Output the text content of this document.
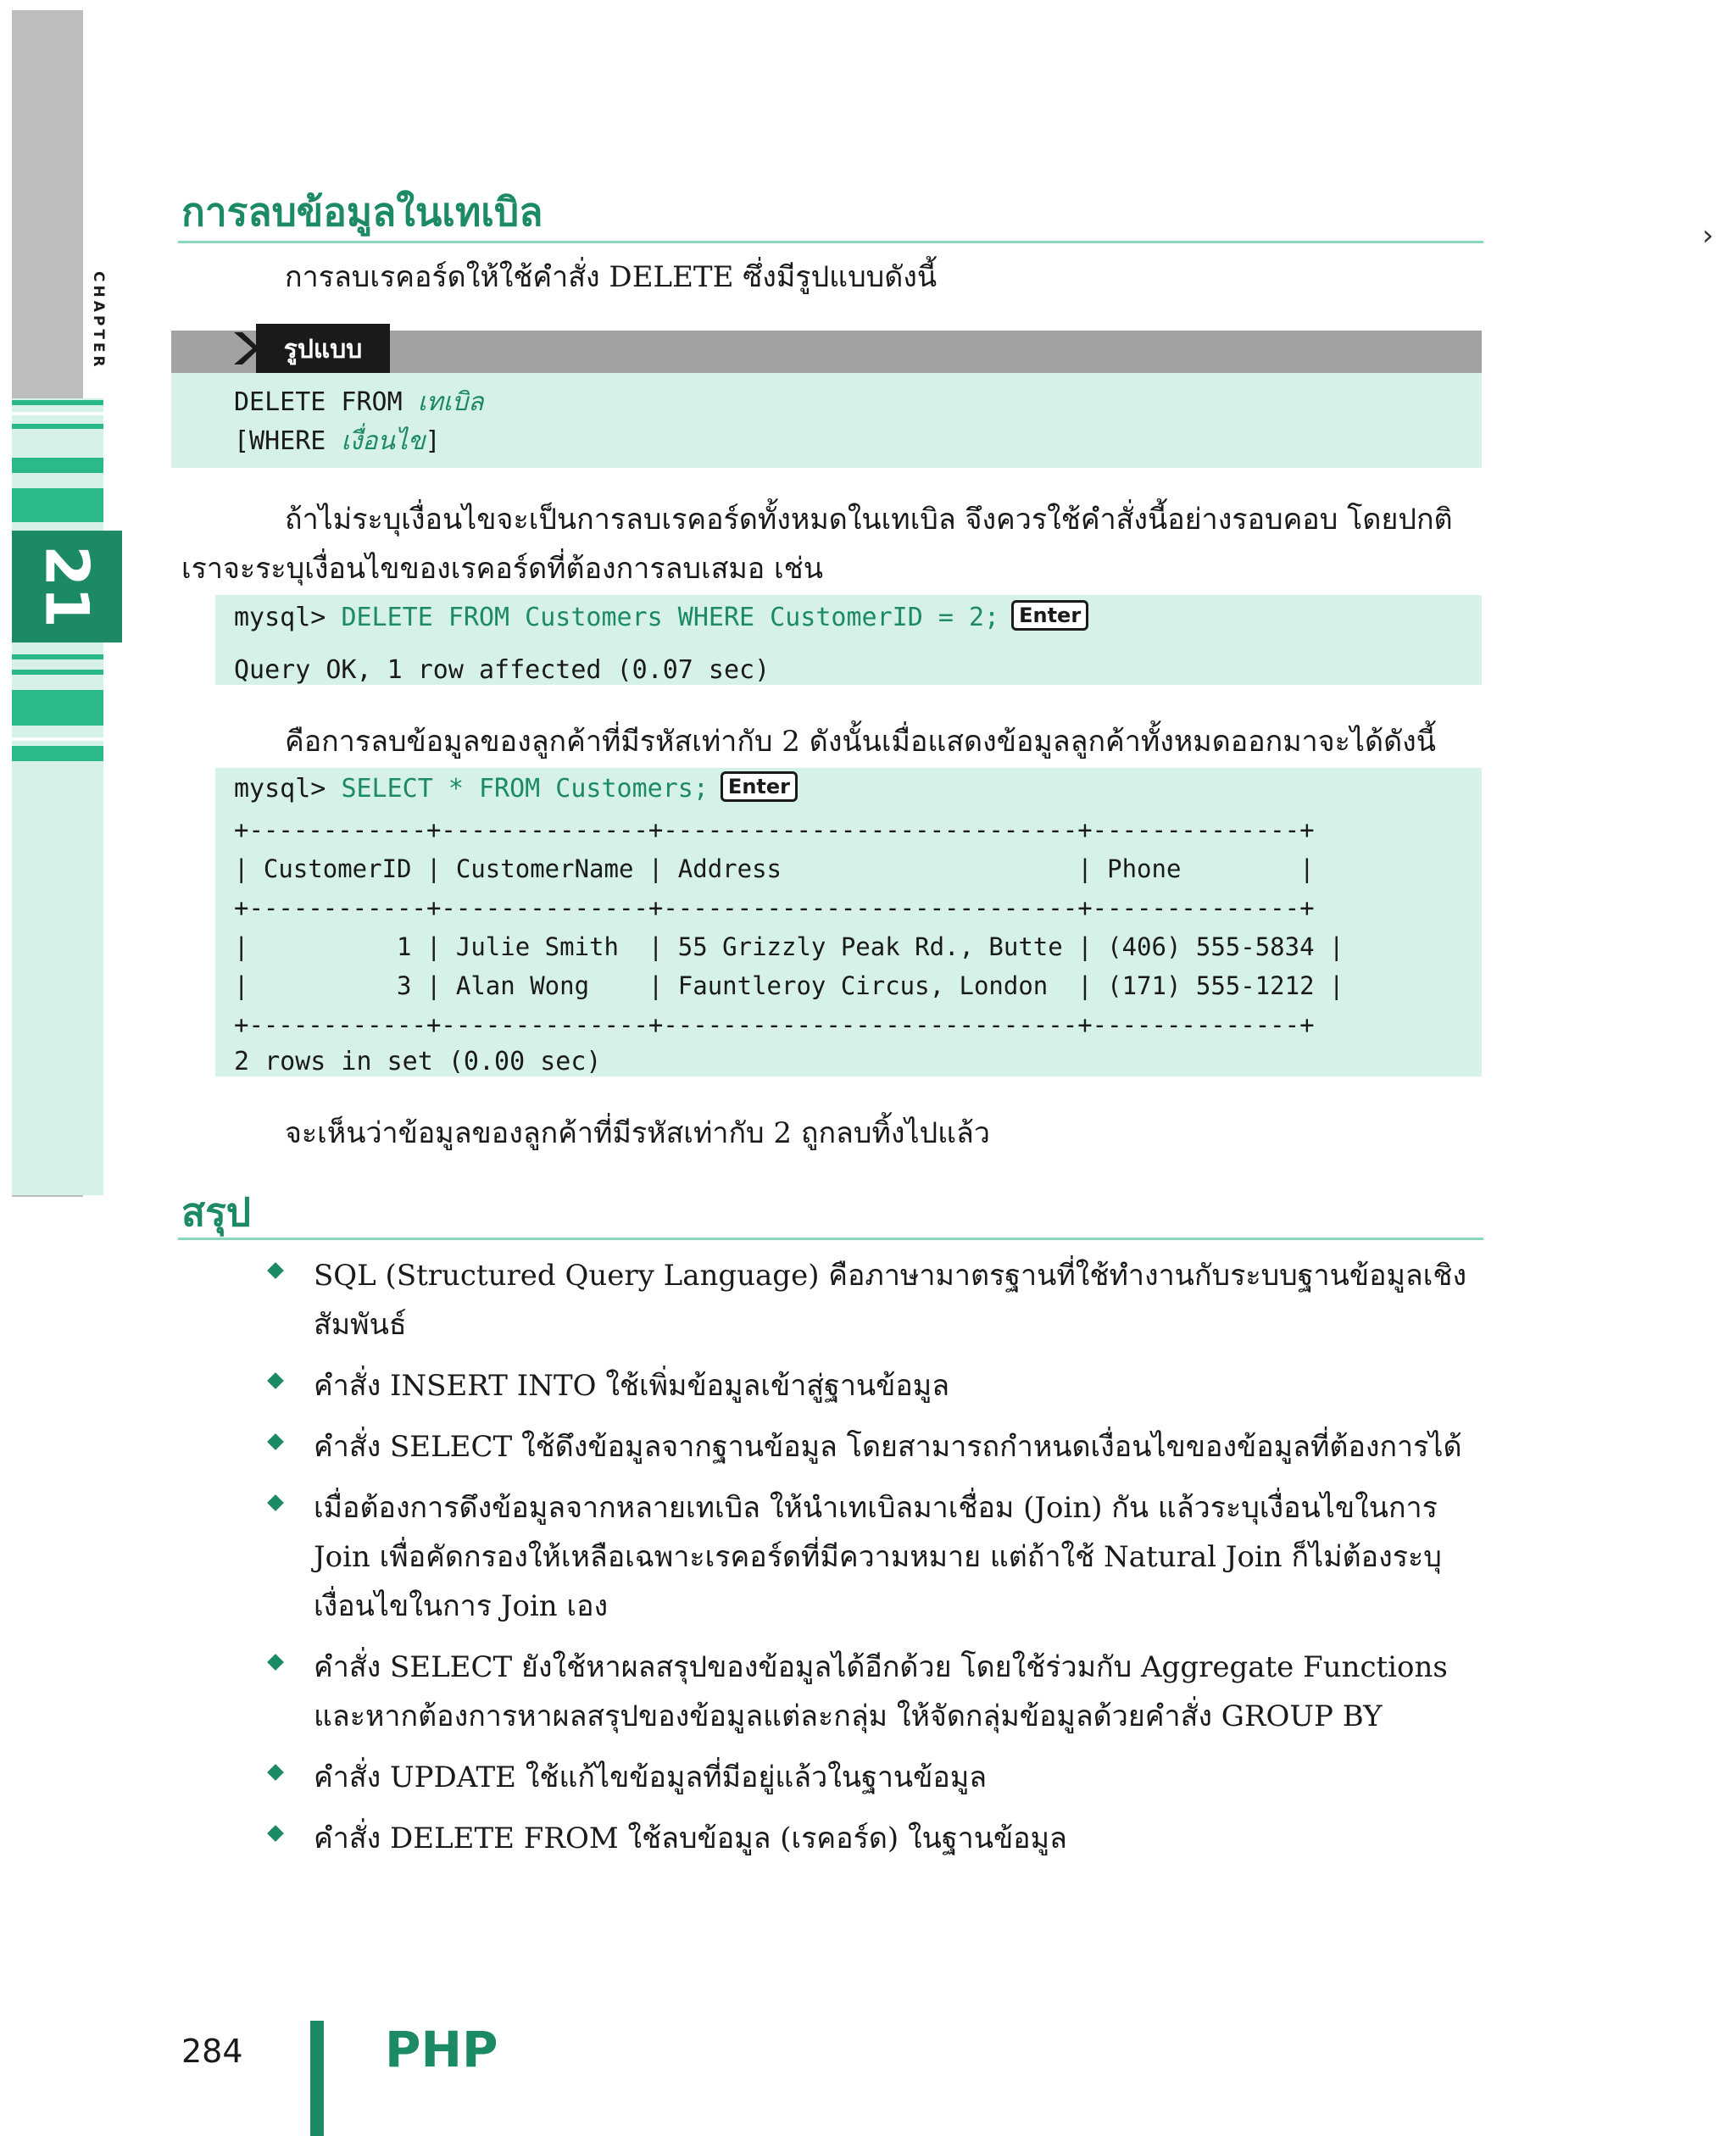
CHAPTER
21
›
การลบข้อมูลในเทเบิล
การลบเรคอร์ดให้ใช้คำสั่ง DELETE ซึ่งมีรูปแบบดังนี้
รูปแบบ
DELETE FROM เทเบิล
[WHERE เงื่อนไข]
ถ้าไม่ระบุเงื่อนไขจะเป็นการลบเรคอร์ดทั้งหมดในเทเบิล จึงควรใช้คำสั่งนี้อย่างรอบคอบ โดยปกติเราจะระบุเงื่อนไขของเรคอร์ดที่ต้องการลบเสมอ เช่น
mysql> DELETE FROM Customers WHERE CustomerID = 2; Enter
Query OK, 1 row affected (0.07 sec)
คือการลบข้อมูลของลูกค้าที่มีรหัสเท่ากับ 2 ดังนั้นเมื่อแสดงข้อมูลลูกค้าทั้งหมดออกมาจะได้ดังนี้
mysql> SELECT * FROM Customers; Enter
+------------+--------------+----------------------------+--------------+
| CustomerID | CustomerName | Address                    | Phone        |
+------------+--------------+----------------------------+--------------+
|          1 | Julie Smith  | 55 Grizzly Peak Rd., Butte | (406) 555-5834 |
|          3 | Alan Wong    | Fauntleroy Circus, London  | (171) 555-1212 |
+------------+--------------+----------------------------+--------------+
2 rows in set (0.00 sec)
จะเห็นว่าข้อมูลของลูกค้าที่มีรหัสเท่ากับ 2 ถูกลบทิ้งไปแล้ว
สรุป
SQL (Structured Query Language) คือภาษามาตรฐานที่ใช้ทำงานกับระบบฐานข้อมูลเชิงสัมพันธ์
คำสั่ง INSERT INTO ใช้เพิ่มข้อมูลเข้าสู่ฐานข้อมูล
คำสั่ง SELECT ใช้ดึงข้อมูลจากฐานข้อมูล โดยสามารถกำหนดเงื่อนไขของข้อมูลที่ต้องการได้
เมื่อต้องการดึงข้อมูลจากหลายเทเบิล ให้นำเทเบิลมาเชื่อม (Join) กัน แล้วระบุเงื่อนไขในการ Join เพื่อคัดกรองให้เหลือเฉพาะเรคอร์ดที่มีความหมาย แต่ถ้าใช้ Natural Join ก็ไม่ต้องระบุเงื่อนไขในการ Join เอง
คำสั่ง SELECT ยังใช้หาผลสรุปของข้อมูลได้อีกด้วย โดยใช้ร่วมกับ Aggregate Functions และหากต้องการหาผลสรุปของข้อมูลแต่ละกลุ่ม ให้จัดกลุ่มข้อมูลด้วยคำสั่ง GROUP BY
คำสั่ง UPDATE ใช้แก้ไขข้อมูลที่มีอยู่แล้วในฐานข้อมูล
คำสั่ง DELETE FROM ใช้ลบข้อมูล (เรคอร์ด) ในฐานข้อมูล
284	PHP
